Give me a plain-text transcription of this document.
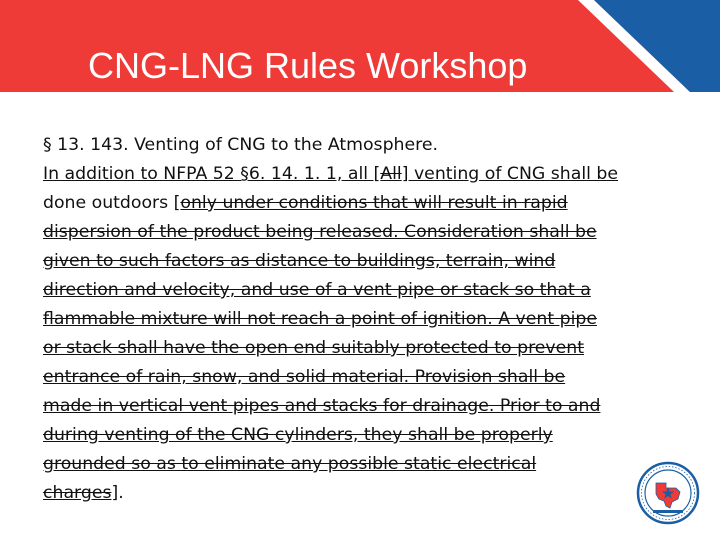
CNG-LNG Rules Workshop
§ 13. 143. Venting of CNG to the Atmosphere.
In addition to NFPA 52 §6. 14. 1. 1, all [All] venting of CNG shall be
done outdoors [only under conditions that will result in rapid
dispersion of the product being released. Consideration shall be
given to such factors as distance to buildings, terrain, wind
direction and velocity, and use of a vent pipe or stack so that a
flammable mixture will not reach a point of ignition. A vent pipe
or stack shall have the open end suitably protected to prevent
entrance of rain, snow, and solid material. Provision shall be
made in vertical vent pipes and stacks for drainage. Prior to and
during venting of the CNG cylinders, they shall be properly
grounded so as to eliminate any possible static electrical
charges].
